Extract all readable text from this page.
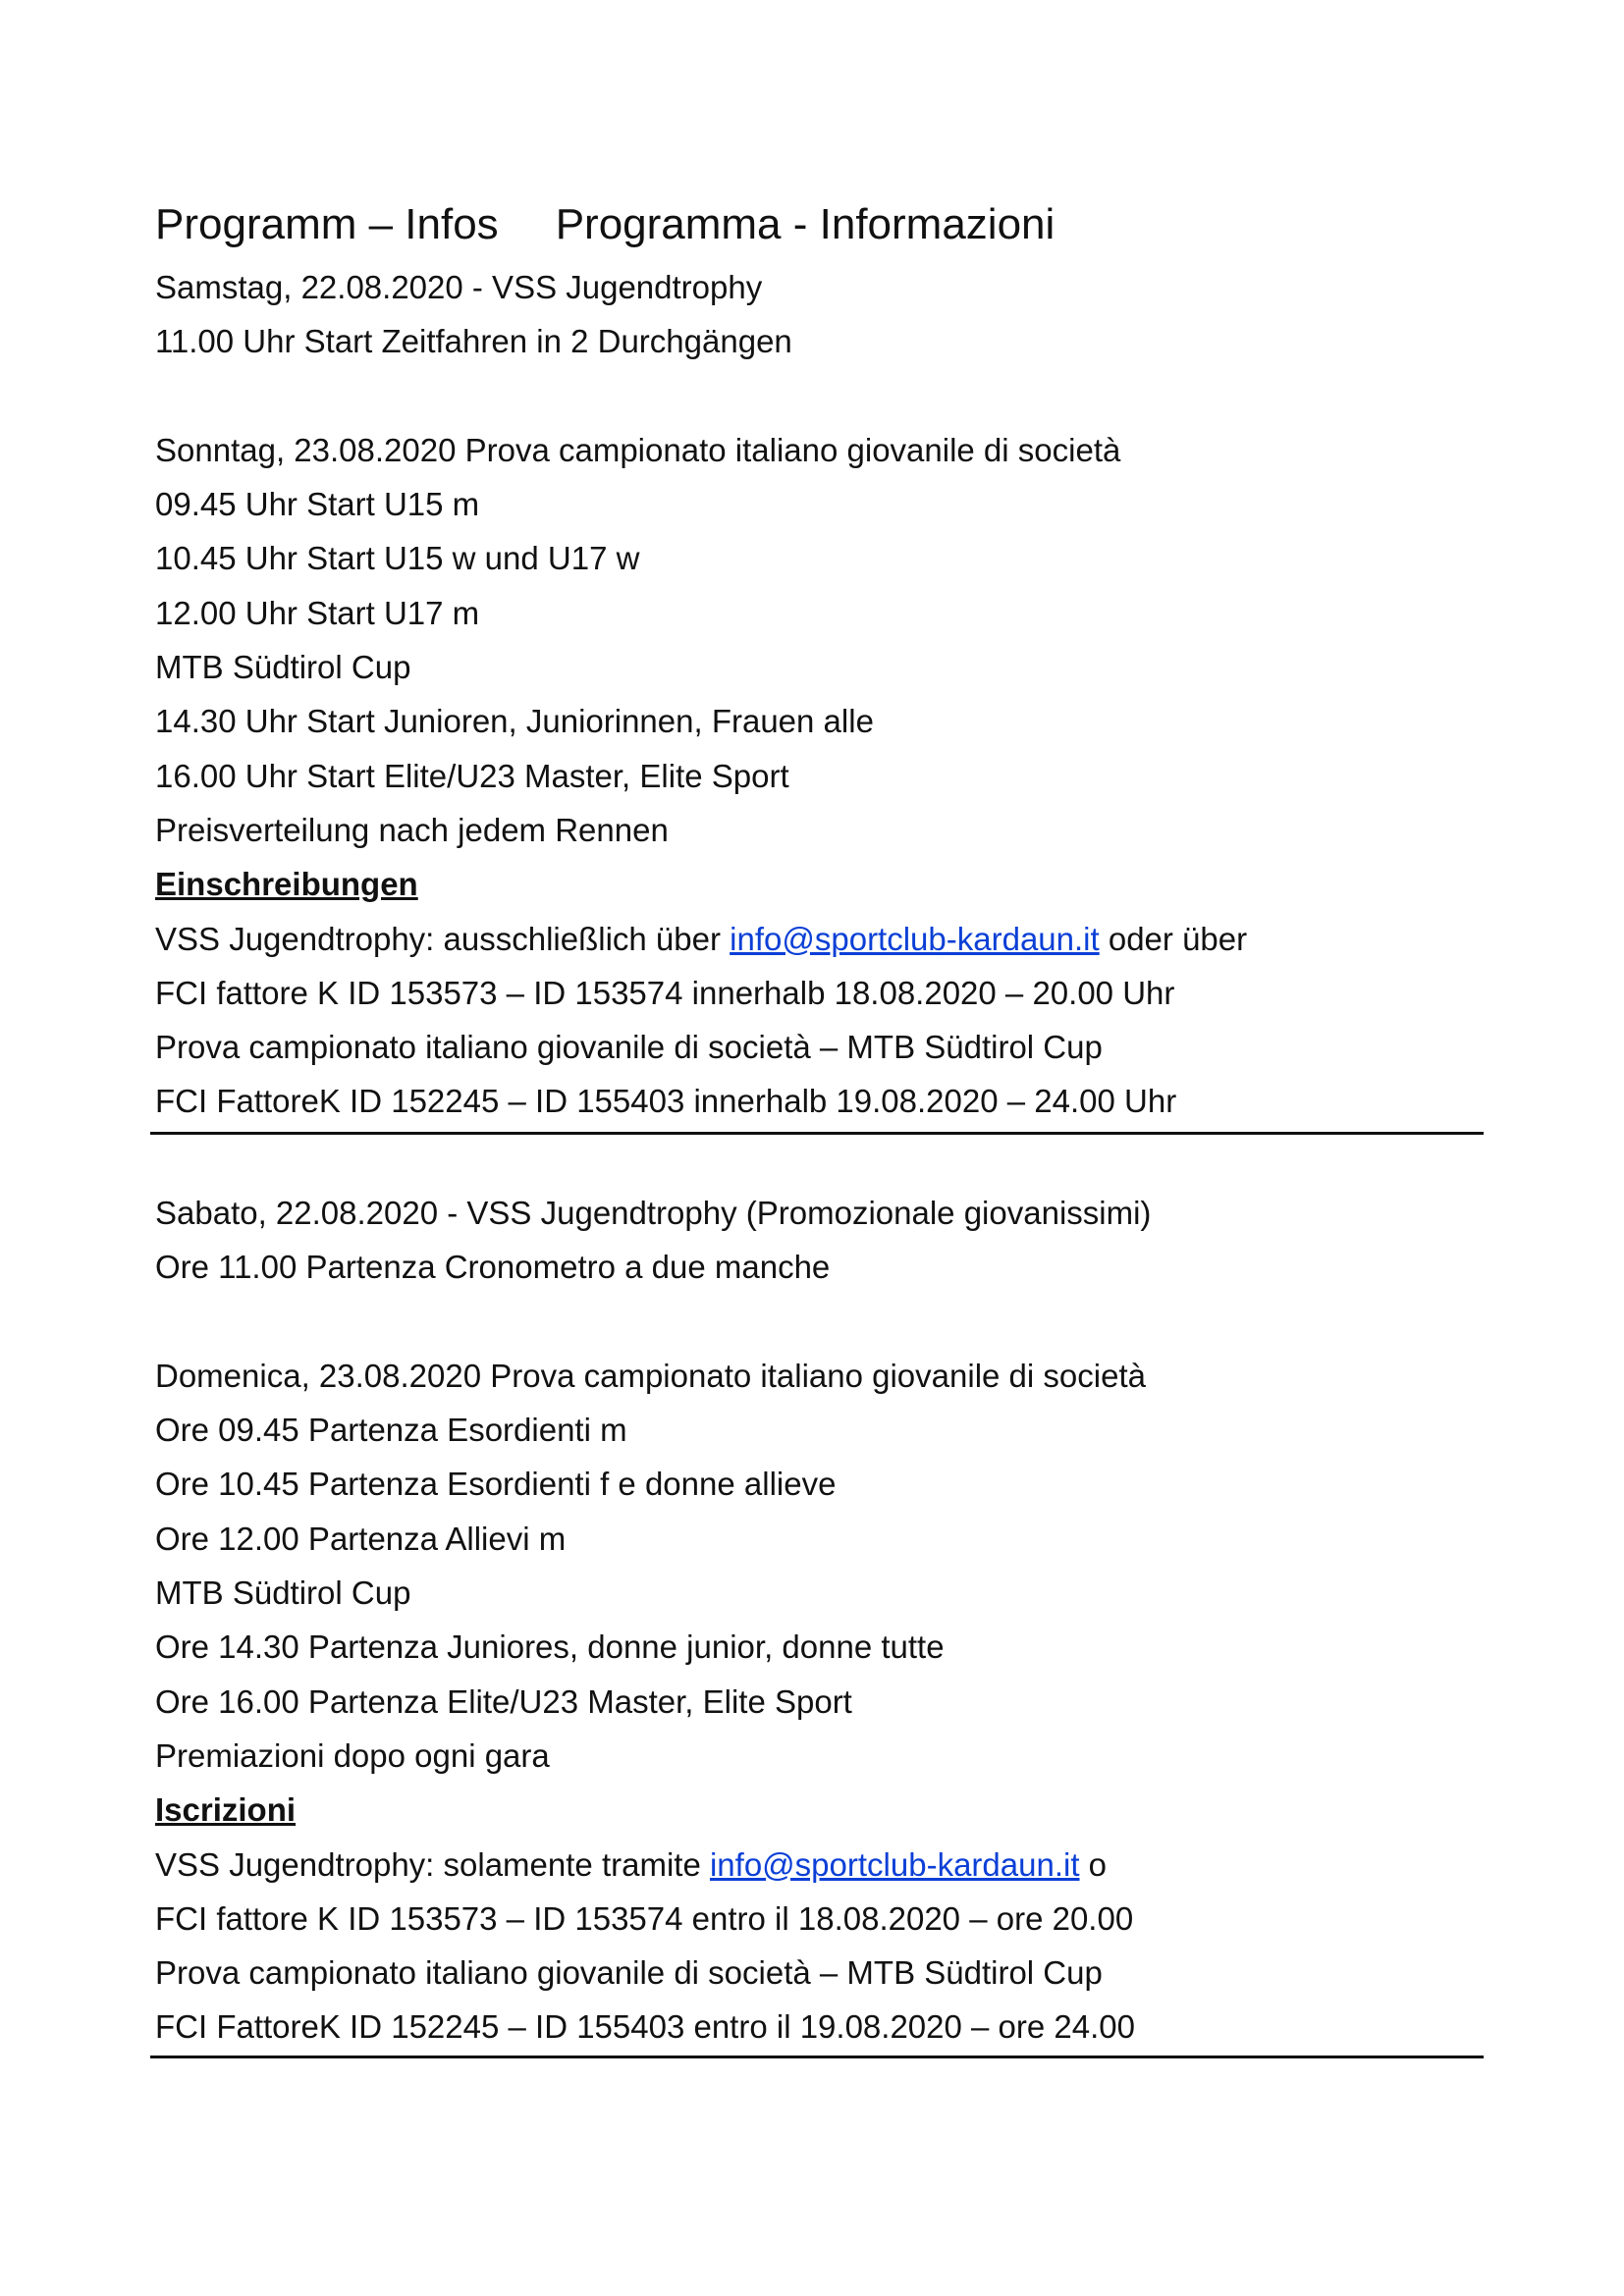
Programm – Infos Programma - Informazioni
Samstag, 22.08.2020 - VSS Jugendtrophy
11.00 Uhr Start Zeitfahren in 2 Durchgängen
Sonntag, 23.08.2020 Prova campionato italiano giovanile di società
09.45 Uhr Start U15 m
10.45 Uhr Start U15 w und U17 w
12.00 Uhr Start U17 m
MTB Südtirol Cup
14.30 Uhr Start Junioren, Juniorinnen, Frauen alle
16.00 Uhr Start Elite/U23 Master, Elite Sport
Preisverteilung nach jedem Rennen
Einschreibungen
VSS Jugendtrophy: ausschließlich über info@sportclub-kardaun.it oder über
FCI fattore K ID 153573 – ID 153574 innerhalb 18.08.2020 – 20.00 Uhr
Prova campionato italiano giovanile di società – MTB Südtirol Cup
FCI FattoreK ID 152245 – ID 155403 innerhalb 19.08.2020 – 24.00 Uhr
Sabato, 22.08.2020 - VSS Jugendtrophy (Promozionale giovanissimi)
Ore 11.00 Partenza Cronometro a due manche
Domenica, 23.08.2020 Prova campionato italiano giovanile di società
Ore 09.45 Partenza Esordienti m
Ore 10.45 Partenza Esordienti f e donne allieve
Ore 12.00 Partenza Allievi m
MTB Südtirol Cup
Ore 14.30 Partenza Juniores, donne junior, donne tutte
Ore 16.00 Partenza Elite/U23 Master, Elite Sport
Premiazioni dopo ogni gara
Iscrizioni
VSS Jugendtrophy: solamente tramite info@sportclub-kardaun.it o
FCI fattore K ID 153573 – ID 153574 entro il 18.08.2020 – ore 20.00
Prova campionato italiano giovanile di società – MTB Südtirol Cup
FCI FattoreK ID 152245 – ID 155403 entro il 19.08.2020 – ore 24.00
